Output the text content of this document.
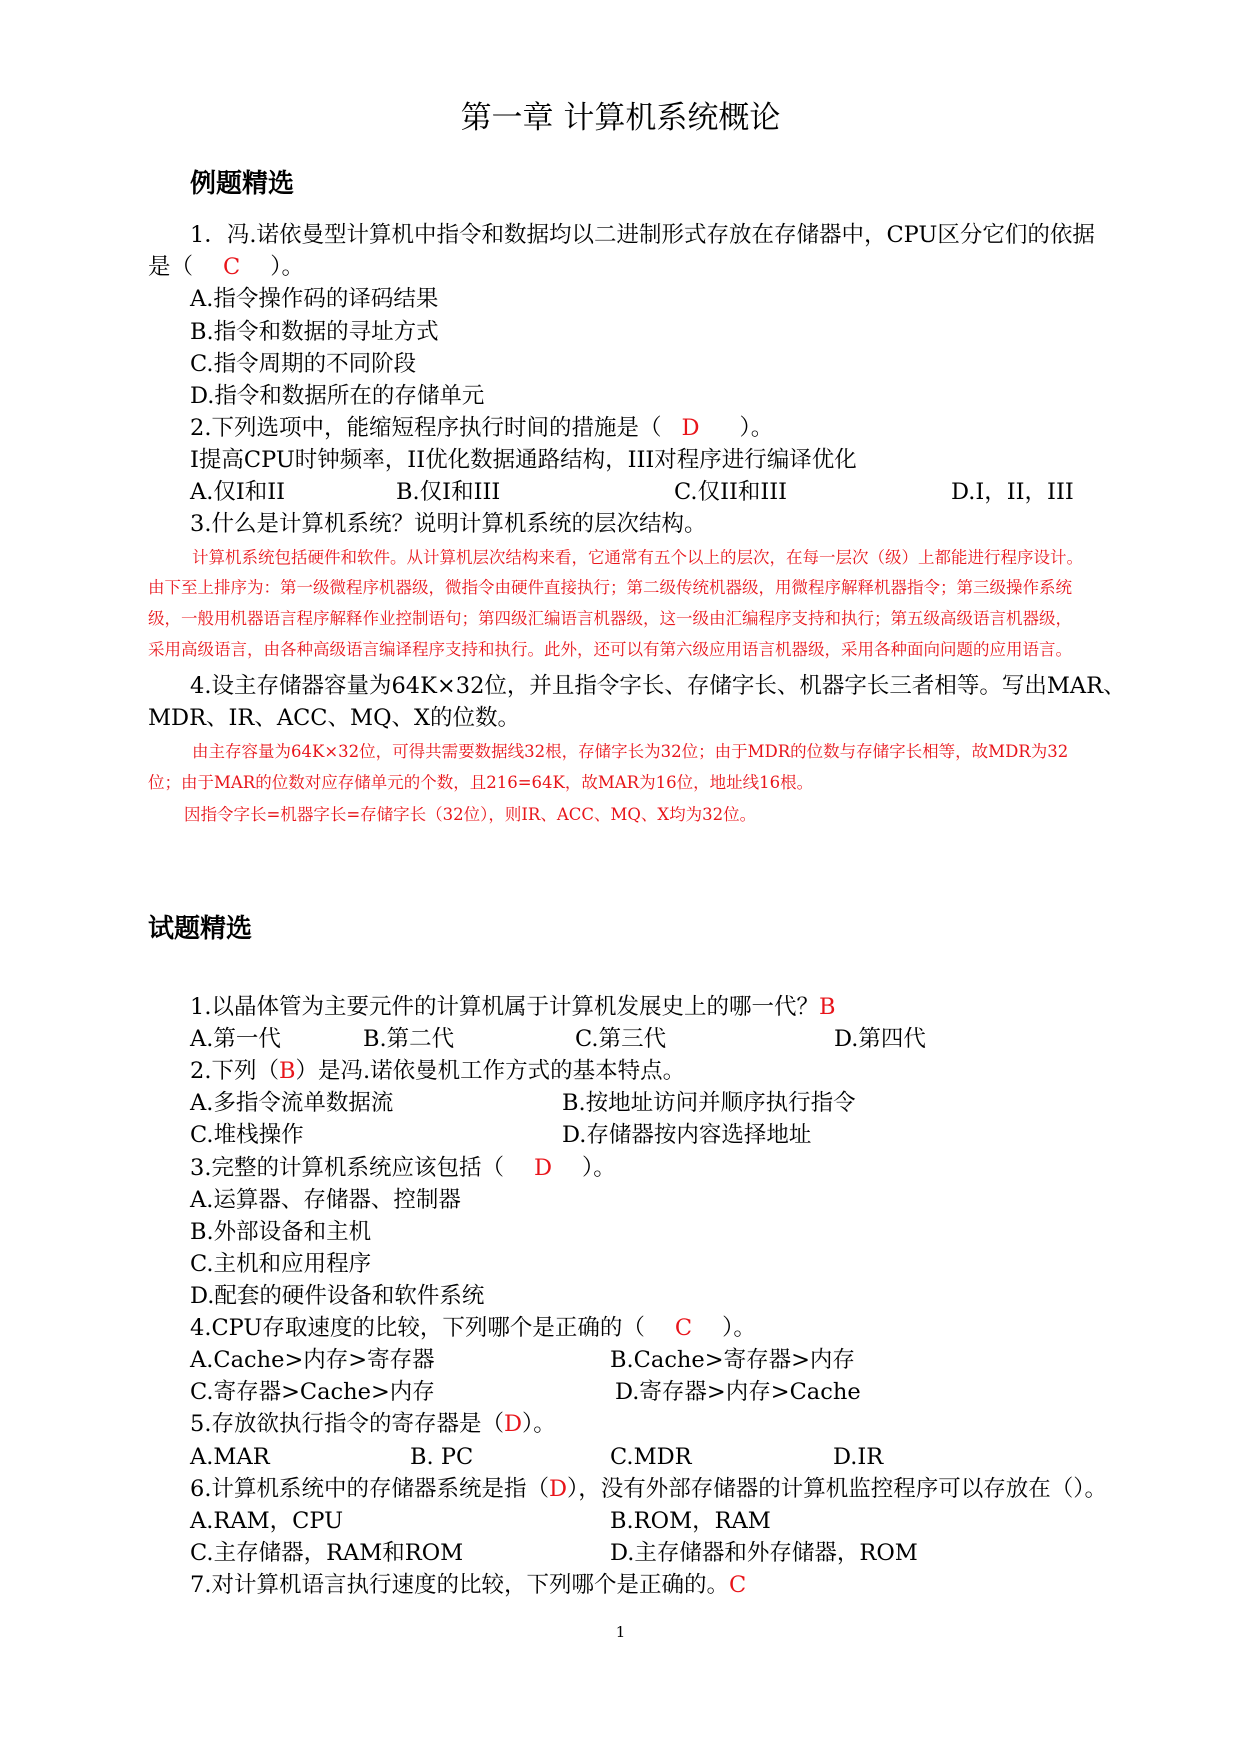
第一章 计算机系统概论
例题精选
1．冯.诺依曼型计算机中指令和数据均以二进制形式存放在存储器中，CPU区分它们的依据
是（ C ）。
A.指令操作码的译码结果
B.指令和数据的寻址方式
C.指令周期的不同阶段
D.指令和数据所在的存储单元
2.下列选项中，能缩短程序执行时间的措施是（ D ）。
I提高CPU时钟频率，II优化数据通路结构，III对程序进行编译优化
A.仅I和II	B.仅I和III	C.仅II和III	D.I，II，III
3.什么是计算机系统？说明计算机系统的层次结构。
计算机系统包括硬件和软件。从计算机层次结构来看，它通常有五个以上的层次，在每一层次（级）上都能进行程序设计。
由下至上排序为：第一级微程序机器级，微指令由硬件直接执行；第二级传统机器级，用微程序解释机器指令；第三级操作系统
级，一般用机器语言程序解释作业控制语句；第四级汇编语言机器级，这一级由汇编程序支持和执行；第五级高级语言机器级，
采用高级语言，由各种高级语言编译程序支持和执行。此外，还可以有第六级应用语言机器级，采用各种面向问题的应用语言。
4.设主存储器容量为64K×32位，并且指令字长、存储字长、机器字长三者相等。写出MAR、
MDR、IR、ACC、MQ、X的位数。
由主存容量为64K×32位，可得共需要数据线32根，存储字长为32位；由于MDR的位数与存储字长相等，故MDR为32
位；由于MAR的位数对应存储单元的个数，且216=64K，故MAR为16位，地址线16根。
因指令字长=机器字长=存储字长（32位），则IR、ACC、MQ、X均为32位。
试题精选
1.以晶体管为主要元件的计算机属于计算机发展史上的哪一代？B
A.第一代	B.第二代	C.第三代	D.第四代
2.下列（B）是冯.诺依曼机工作方式的基本特点。
A.多指令流单数据流	B.按地址访问并顺序执行指令
C.堆栈操作	D.存储器按内容选择地址
3.完整的计算机系统应该包括（ D ）。
A.运算器、存储器、控制器
B.外部设备和主机
C.主机和应用程序
D.配套的硬件设备和软件系统
4.CPU存取速度的比较，下列哪个是正确的（ C ）。
A.Cache>内存>寄存器	B.Cache>寄存器>内存
C.寄存器>Cache>内存	D.寄存器>内存>Cache
5.存放欲执行指令的寄存器是（D）。
A.MAR	B. PC	C.MDR	D.IR
6.计算机系统中的存储器系统是指（D），没有外部存储器的计算机监控程序可以存放在（）。
A.RAM，CPU	B.ROM，RAM
C.主存储器，RAM和ROM	D.主存储器和外存储器，ROM
7.对计算机语言执行速度的比较，下列哪个是正确的。C
1
